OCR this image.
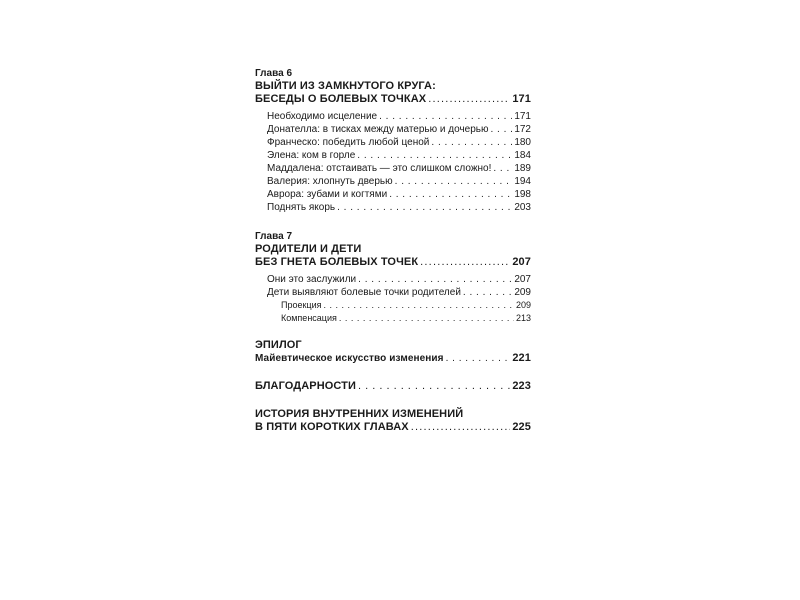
Глава 6
ВЫЙТИ ИЗ ЗАМКНУТОГО КРУГА:
БЕСЕДЫ О БОЛЕВЫХ ТОЧКАХ .....	171
Необходимо исцеление . . .	171
Донателла: в тисках между матерью и дочерью . . .	172
Франческо: победить любой ценой . . .	180
Элена: ком в горле . . .	184
Маддалена: отстаивать — это слишком сложно! . . . 189
Валерия: хлопнуть дверью . . .	194
Аврора: зубами и когтями . . .	198
Поднять якорь . . .	203
Глава 7
РОДИТЕЛИ И ДЕТИ
БЕЗ ГНЕТА БОЛЕВЫХ ТОЧЕК .....	207
Они это заслужили . . .	207
Дети выявляют болевые точки родителей . . .	209
Проекция . . .	209
Компенсация . . .	213
ЭПИЛОГ
Майевтическое искусство изменения . . .	221
БЛАГОДАРНОСТИ . . .	223
ИСТОРИЯ ВНУТРЕННИХ ИЗМЕНЕНИЙ
В ПЯТИ КОРОТКИХ ГЛАВАХ .....	225
